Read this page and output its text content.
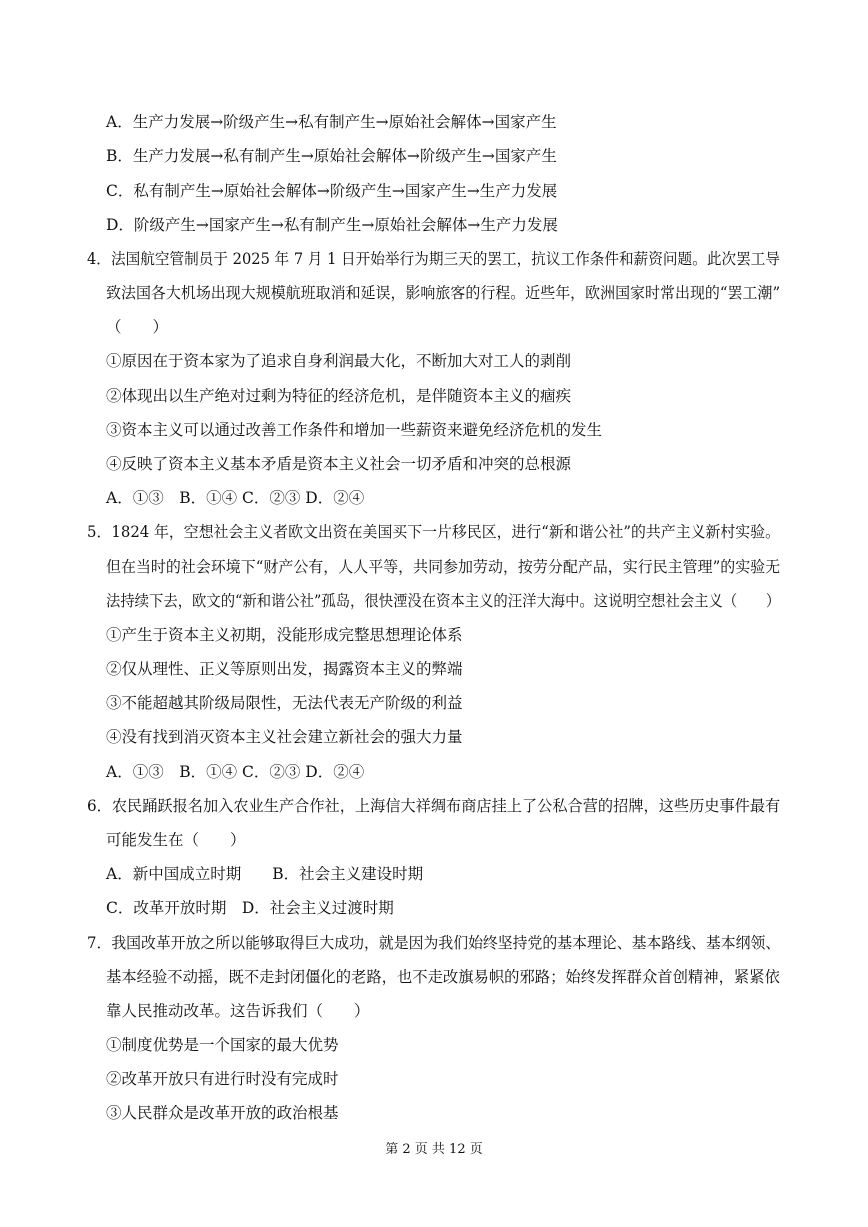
A．生产力发展→阶级产生→私有制产生→原始社会解体→国家产生
B．生产力发展→私有制产生→原始社会解体→阶级产生→国家产生
C．私有制产生→原始社会解体→阶级产生→国家产生→生产力发展
D．阶级产生→国家产生→私有制产生→原始社会解体→生产力发展
4．法国航空管制员于 2025 年 7 月 1 日开始举行为期三天的罢工，抗议工作条件和薪资问题。此次罢工导
致法国各大机场出现大规模航班取消和延误，影响旅客的行程。近些年，欧洲国家时常出现的“罢工潮”
（　　）
①原因在于资本家为了追求自身利润最大化，不断加大对工人的剥削
②体现出以生产绝对过剩为特征的经济危机，是伴随资本主义的痼疾
③资本主义可以通过改善工作条件和增加一些薪资来避免经济危机的发生
④反映了资本主义基本矛盾是资本主义社会一切矛盾和冲突的总根源
A．①③　B．①④ C．②③ D．②④
5．1824 年，空想社会主义者欧文出资在美国买下一片移民区，进行“新和谐公社”的共产主义新村实验。
但在当时的社会环境下“财产公有，人人平等，共同参加劳动，按劳分配产品，实行民主管理”的实验无
法持续下去，欧文的“新和谐公社”孤岛，很快湮没在资本主义的汪洋大海中。这说明空想社会主义（　　）
①产生于资本主义初期，没能形成完整思想理论体系
②仅从理性、正义等原则出发，揭露资本主义的弊端
③不能超越其阶级局限性，无法代表无产阶级的利益
④没有找到消灭资本主义社会建立新社会的强大力量
A．①③　B．①④ C．②③ D．②④
6．农民踊跃报名加入农业生产合作社，上海信大祥绸布商店挂上了公私合营的招牌，这些历史事件最有
可能发生在（　　）
A．新中国成立时期　　B．社会主义建设时期
C．改革开放时期　D．社会主义过渡时期
7．我国改革开放之所以能够取得巨大成功，就是因为我们始终坚持党的基本理论、基本路线、基本纲领、
基本经验不动摇，既不走封闭僵化的老路，也不走改旗易帜的邪路；始终发挥群众首创精神，紧紧依
靠人民推动改革。这告诉我们（　　）
①制度优势是一个国家的最大优势
②改革开放只有进行时没有完成时
③人民群众是改革开放的政治根基
第 2 页 共 12 页
